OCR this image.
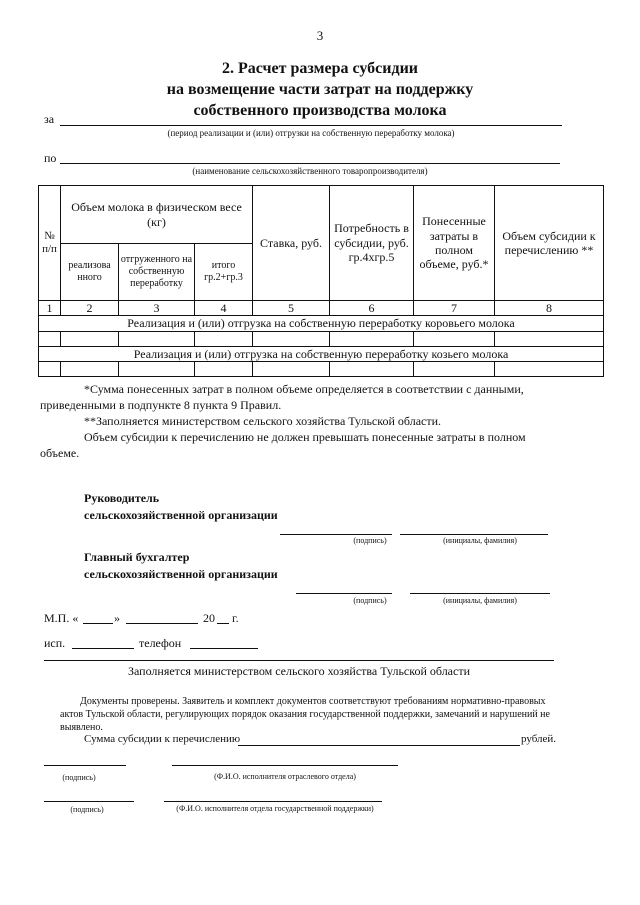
3
2. Расчет размера субсидии
на возмещение части затрат на поддержку
собственного производства молока
за
(период реализации и (или) отгрузки на собственную переработку молока)
по
(наименование сельскохозяйственного товаропроизводителя)
№ п/п	Объем молока в физическом весе (кг)			Ставка, руб.	Потребность в субсидии, руб. гр.4хгр.5	Понесенные затраты в полном объеме, руб.*	Объем субсидии к перечислению **
	реализова нного	отгруженного на собственную переработку	итого гр.2+гр.3				
1	2	3	4	5	6	7	8
Реализация и (или) отгрузка на собственную переработку коровьего молока							

Реализация и (или) отгрузка на собственную переработку козьего молока							

*Сумма понесенных затрат в полном объеме определяется в соответствии с данными,
приведенными в подпункте 8 пункта 9 Правил.
**Заполняется министерством сельского хозяйства Тульской области.
Объем субсидии к перечислению не должен превышать понесенные затраты в полном
объеме.
Руководитель
сельскохозяйственной организации
(подпись)	(инициалы, фамилия)
Главный бухгалтер
сельскохозяйственной организации
(подпись)	(инициалы, фамилия)
М.П. «	»	20 г.
исп.	телефон
Заполняется министерством сельского хозяйства Тульской области
Документы проверены. Заявитель и комплект документов соответствуют требованиям нормативно-правовых
актов Тульской области, регулирующих порядок оказания государственной поддержки, замечаний и нарушений не
выявлено.
Сумма субсидии к перечислению	рублей.
(подпись)	(Ф.И.О. исполнителя отраслевого отдела)
(подпись)	(Ф.И.О. исполнителя отдела государственной поддержки)
